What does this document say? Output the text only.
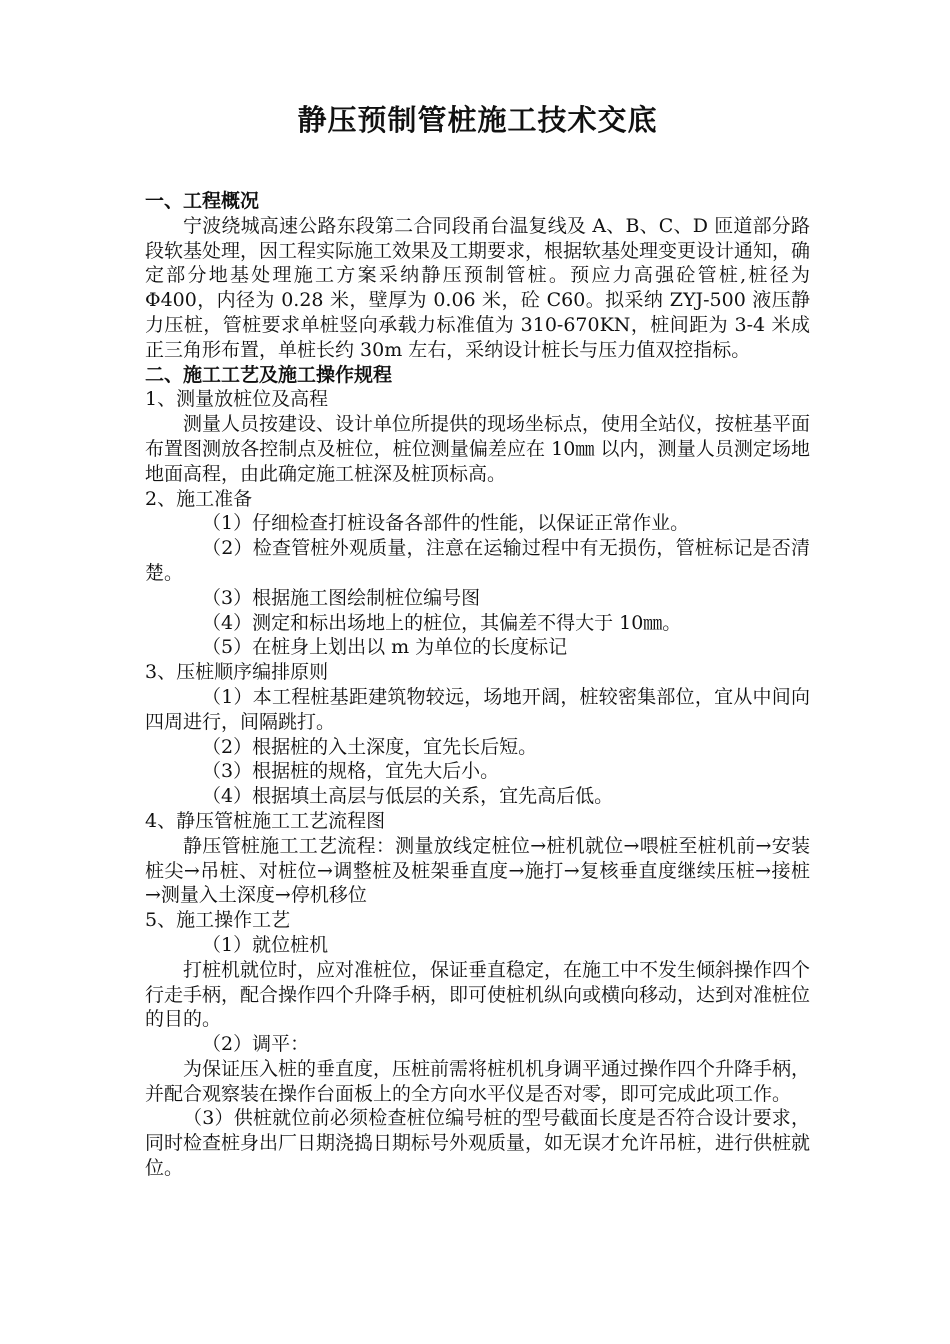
静压预制管桩施工技术交底
一、工程概况

宁波绕城高速公路东段第二合同段甬台温复线及 A、B、C、D 匝道部分路段软基处理，因工程实际施工效果及工期要求，根据软基处理变更设计通知，确定部分地基处理施工方案采纳静压预制管桩。预应力高强砼管桩,桩径为 Φ400，内径为 0.28 米，壁厚为 0.06 米，砼 C60。拟采纳 ZYJ-500 液压静力压桩，管桩要求单桩竖向承载力标准值为 310-670KN，桩间距为 3-4 米成正三角形布置，单桩长约 30m 左右，采纳设计桩长与压力值双控指标。

二、施工工艺及施工操作规程
1、测量放桩位及高程

测量人员按建设、设计单位所提供的现场坐标点，使用全站仪，按桩基平面布置图测放各控制点及桩位，桩位测量偏差应在 10㎜ 以内，测量人员测定场地地面高程，由此确定施工桩深及桩顶标高。

2、施工准备

（1）仔细检查打桩设备各部件的性能，以保证正常作业。

（2）检查管桩外观质量，注意在运输过程中有无损伤，管桩标记是否清楚。

（3）根据施工图绘制桩位编号图

（4）测定和标出场地上的桩位，其偏差不得大于 10㎜。

（5）在桩身上划出以 m 为单位的长度标记

3、压桩顺序编排原则

（1）本工程桩基距建筑物较远，场地开阔，桩较密集部位，宜从中间向四周进行，间隔跳打。

（2）根据桩的入土深度，宜先长后短。

（3）根据桩的规格，宜先大后小。

（4）根据填土高层与低层的关系，宜先高后低。

4、静压管桩施工工艺流程图

静压管桩施工工艺流程：测量放线定桩位→桩机就位→喂桩至桩机前→安装桩尖→吊桩、对桩位→调整桩及桩架垂直度→施打→复核垂直度继续压桩→接桩→测量入土深度→停机移位

5、施工操作工艺

（1）就位桩机

打桩机就位时，应对准桩位，保证垂直稳定，在施工中不发生倾斜操作四个行走手柄，配合操作四个升降手柄，即可使桩机纵向或横向移动，达到对准桩位的目的。

（2）调平：

为保证压入桩的垂直度，压桩前需将桩机机身调平通过操作四个升降手柄，并配合观察装在操作台面板上的全方向水平仪是否对零，即可完成此项工作。

（3）供桩就位前必须检查桩位编号桩的型号截面长度是否符合设计要求，同时检查桩身出厂日期浇捣日期标号外观质量，如无误才允许吊桩，进行供桩就位。
